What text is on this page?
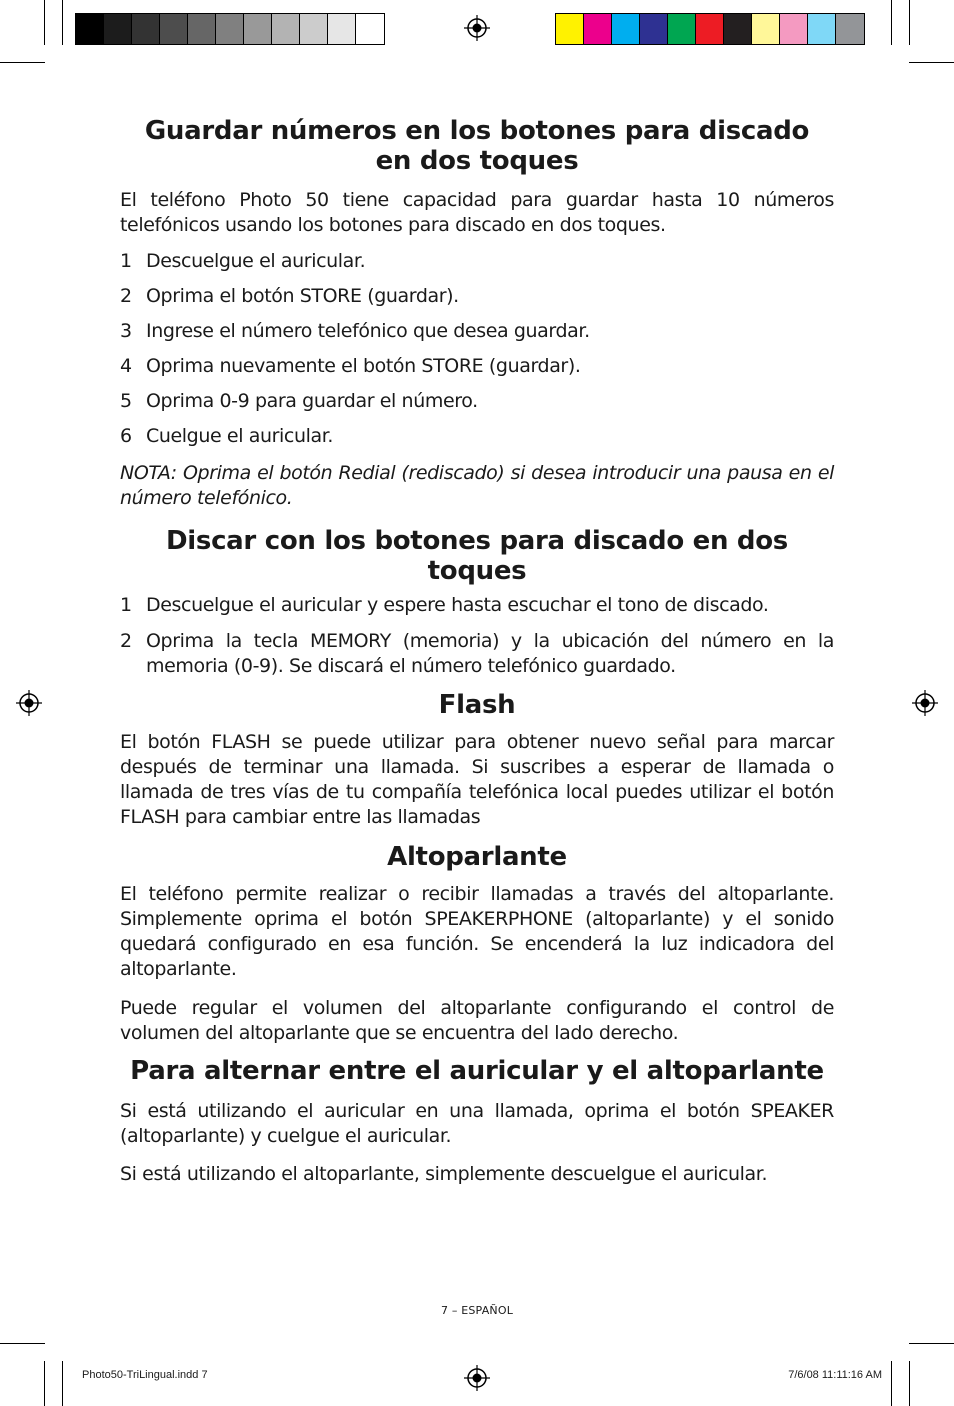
Guardar números en los botones para discado en dos toques

El teléfono Photo 50 tiene capacidad para guardar hasta 10 números telefónicos usando los botones para discado en dos toques.

1 Descuelgue el auricular.
2 Oprima el botón STORE (guardar).
3 Ingrese el número telefónico que desea guardar.
4 Oprima nuevamente el botón STORE (guardar).
5 Oprima 0-9 para guardar el número.
6 Cuelgue el auricular.

NOTA: Oprima el botón Redial (rediscado) si desea introducir una pausa en el número telefónico.

Discar con los botones para discado en dos toques
1 Descuelgue el auricular y espere hasta escuchar el tono de discado.
2 Oprima la tecla MEMORY (memoria) y la ubicación del número en la memoria (0-9). Se discará el número telefónico guardado.
Flash

El botón FLASH se puede utilizar para obtener nuevo señal para marcar después de terminar una llamada. Si suscribes a esperar de llamada o llamada de tres vías de tu compañía telefónica local puedes utilizar el botón FLASH para cambiar entre las llamadas

Altoparlante

El teléfono permite realizar o recibir llamadas a través del altoparlante. Simplemente oprima el botón SPEAKERPHONE (altoparlante) y el sonido quedará configurado en esa función. Se encenderá la luz indicadora del altoparlante.

Puede regular el volumen del altoparlante configurando el control de volumen del altoparlante que se encuentra del lado derecho.

Para alternar entre el auricular y el altoparlante

Si está utilizando el auricular en una llamada, oprima el botón SPEAKER (altoparlante) y cuelgue el auricular.

Si está utilizando el altoparlante, simplemente descuelgue el auricular.

7 – ESPAÑOL
Photo50-TriLingual.indd 7	7/6/08 11:11:16 AM
